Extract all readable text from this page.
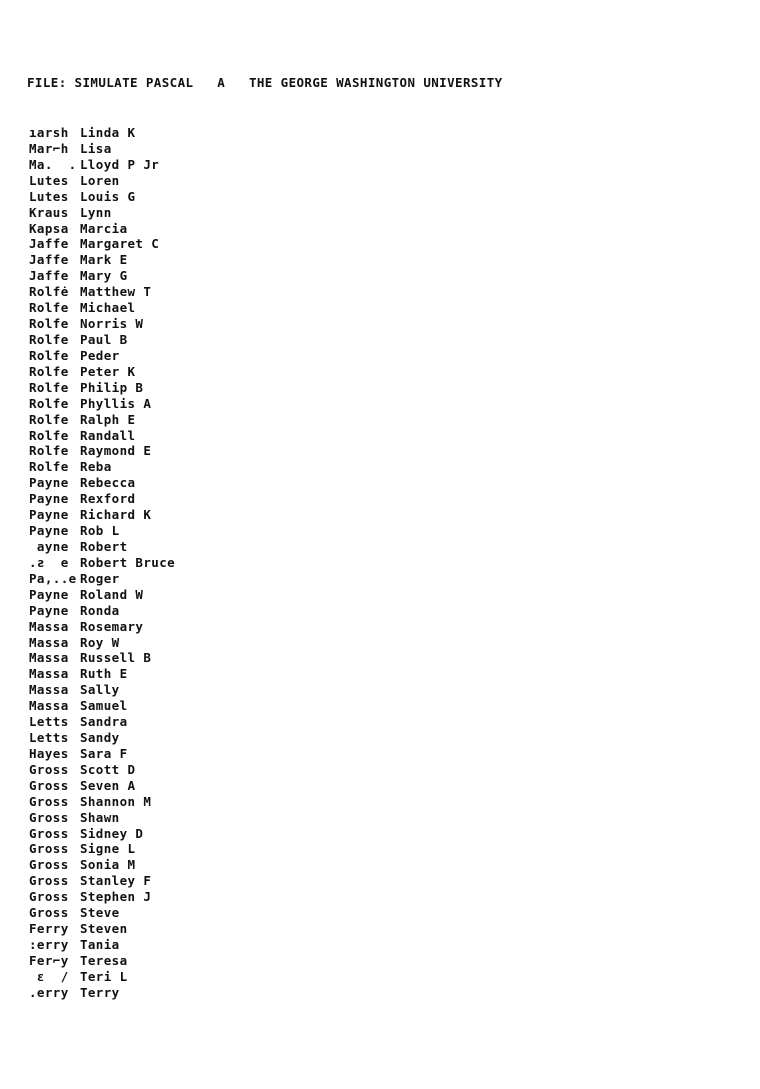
FILE: SIMULATE PASCAL A THE GEORGE WASHINGTON UNIVERSITY
ıarsh Linda K
Mar⌐h Lisa
Ma.  . Lloyd P Jr
Lutes Loren
Lutes Louis G
Kraus Lynn
Kapsa Marcia
Jaffe Margaret C
Jaffe Mark E
Jaffe Mary G
Rolfė Matthew T
Rolfe Michael
Rolfe Norris W
Rolfe Paul B
Rolfe Peder
Rolfe Peter K
Rolfe Philip B
Rolfe Phyllis A
Rolfe Ralph E
Rolfe Randall
Rolfe Raymond E
Rolfe Reba
Payne Rebecca
Payne Rexford
Payne Richard K
Payne Rob L
ayne Robert
.ƨ  e Robert Bruce
Pa,..e Roger
Payne Roland W
Payne Ronda
Massa Rosemary
Massa Roy W
Massa Russell B
Massa Ruth E
Massa Sally
Massa Samuel
Letts Sandra
Letts Sandy
Hayes Sara F
Gross Scott D
Gross Seven A
Gross Shannon M
Gross Shawn
Gross Sidney D
Gross Signe L
Gross Sonia M
Gross Stanley F
Gross Stephen J
Gross Steve
Ferry Steven
:erry Tania
Fer⌐y Teresa
ε  / Teri L
.erry Terry
